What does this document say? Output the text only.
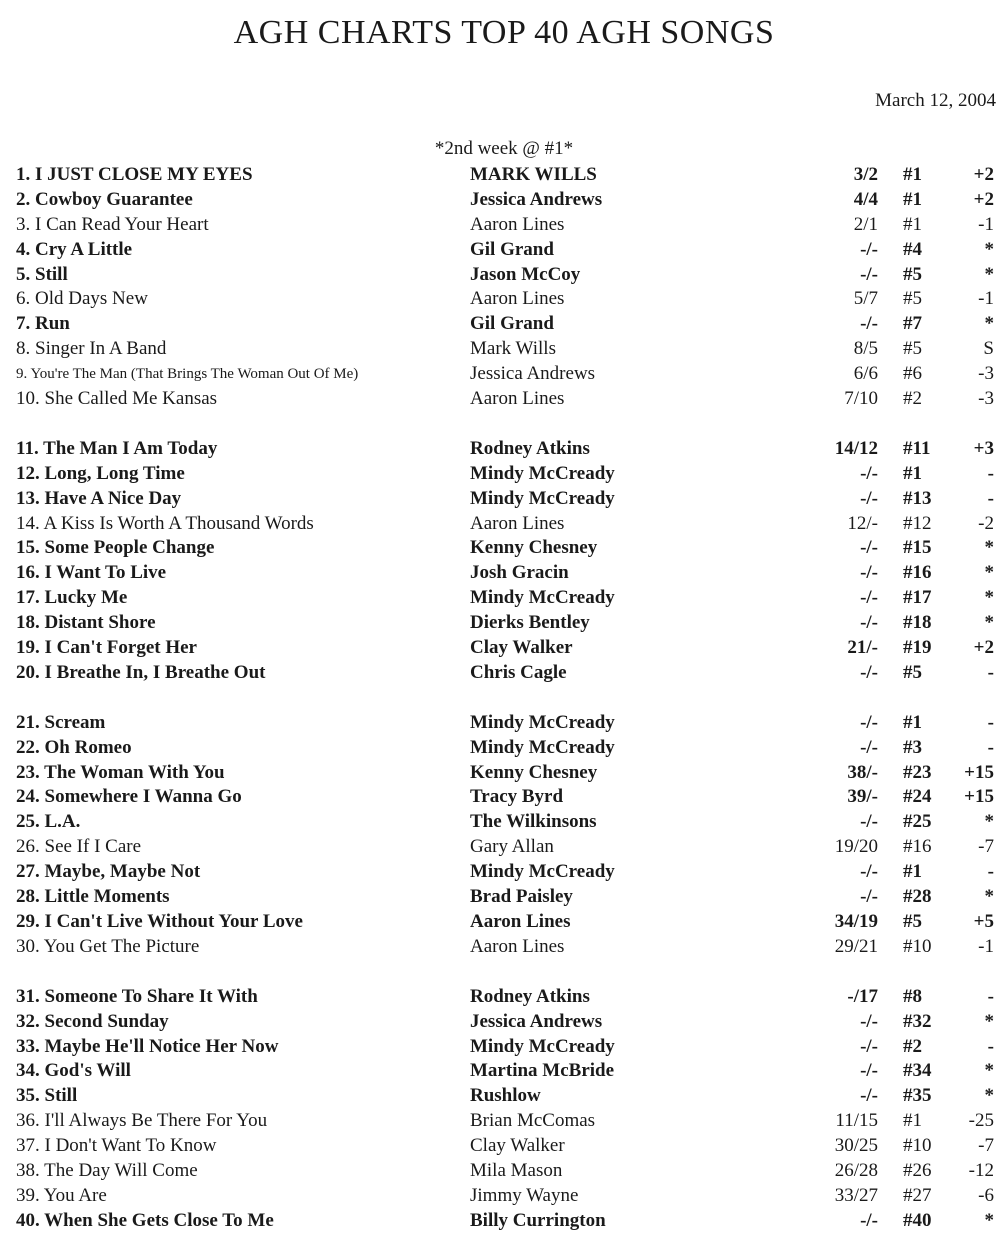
AGH CHARTS TOP 40 AGH SONGS
March 12, 2004
*2nd week @ #1*
1. I JUST CLOSE MY EYES	MARK WILLS	3/2 #1	+2
2. Cowboy Guarantee	Jessica Andrews	4/4 #1	+2
3. I Can Read Your Heart	Aaron Lines	2/1 #1	-1
4. Cry A Little	Gil Grand	-/- #4	*
5. Still	Jason McCoy	-/- #5	*
6. Old Days New	Aaron Lines	5/7 #5	-1
7. Run	Gil Grand	-/- #7	*
8. Singer In A Band	Mark Wills	8/5 #5	S
9. You're The Man (That Brings The Woman Out Of Me)	Jessica Andrews	6/6 #6	-3
10. She Called Me Kansas	Aaron Lines	7/10 #2	-3
11. The Man I Am Today	Rodney Atkins	14/12 #11 +3
12. Long, Long Time	Mindy McCready	-/- #1	-
13. Have A Nice Day	Mindy McCready	-/- #13	-
14. A Kiss Is Worth A Thousand Words	Aaron Lines	12/- #12 -2
15. Some People Change	Kenny Chesney	-/- #15	*
16. I Want To Live	Josh Gracin	-/- #16	*
17. Lucky Me	Mindy McCready	-/- #17	*
18. Distant Shore	Dierks Bentley	-/- #18	*
19. I Can't Forget Her	Clay Walker	21/- #19 +2
20. I Breathe In, I Breathe Out	Chris Cagle	-/- #5	-
21. Scream	Mindy McCready	-/- #1	-
22. Oh Romeo	Mindy McCready	-/- #3	-
23. The Woman With You	Kenny Chesney	38/- #23 +15
24. Somewhere I Wanna Go	Tracy Byrd	39/- #24 +15
25. L.A.	The Wilkinsons	-/- #25	*
26. See If I Care	Gary Allan	19/20 #16 -7
27. Maybe, Maybe Not	Mindy McCready	-/- #1	-
28. Little Moments	Brad Paisley	-/- #28	*
29. I Can't Live Without Your Love	Aaron Lines	34/19 #5	+5
30. You Get The Picture	Aaron Lines	29/21 #10 -1
31. Someone To Share It With	Rodney Atkins	-/17 #8	-
32. Second Sunday	Jessica Andrews	-/- #32	*
33. Maybe He'll Notice Her Now	Mindy McCready	-/- #2	-
34. God's Will	Martina McBride	-/- #34	*
35. Still	Rushlow	-/- #35	*
36. I'll Always Be There For You	Brian McComas	11/15 #1 -25
37. I Don't Want To Know	Clay Walker	30/25 #10 -7
38. The Day Will Come	Mila Mason	26/28 #26 -12
39. You Are	Jimmy Wayne	33/27 #27 -6
40. When She Gets Close To Me	Billy Currington	-/- #40	*
